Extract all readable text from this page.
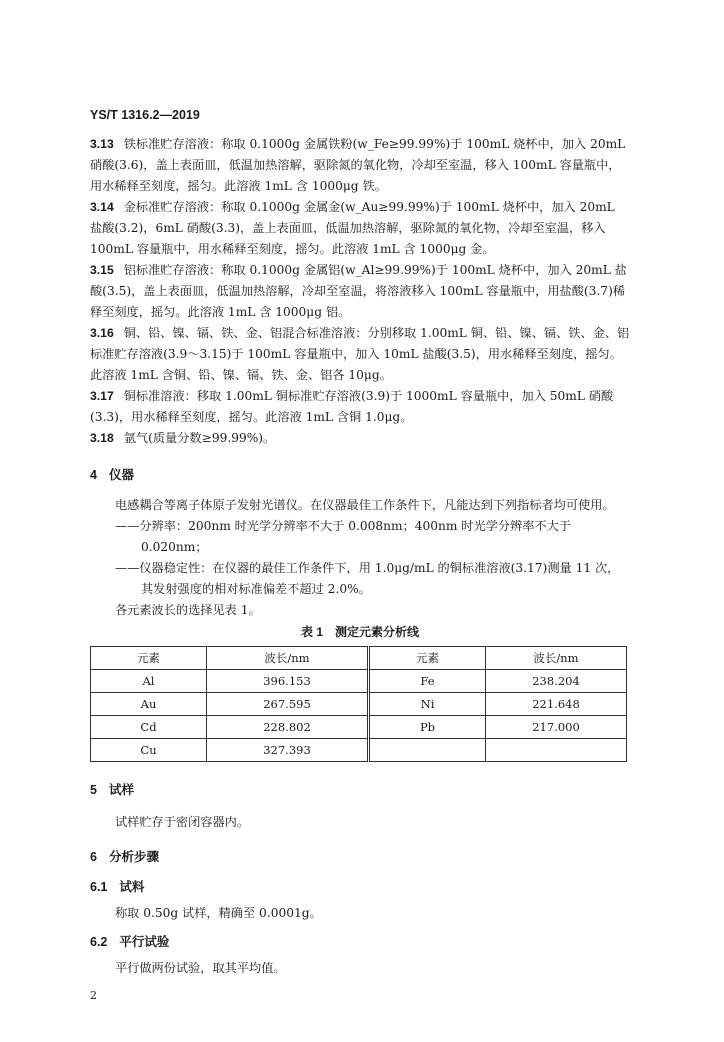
YS/T 1316.2—2019

3.13 铁标准贮存溶液：称取 0.1000g 金属铁粉(w_Fe≥99.99%)于 100mL 烧杯中，加入 20mL 硝酸(3.6)，盖上表面皿，低温加热溶解，驱除氮的氧化物，冷却至室温，移入 100mL 容量瓶中，用水稀释至刻度，摇匀。此溶液 1mL 含 1000μg 铁。

3.14 金标准贮存溶液：称取 0.1000g 金属金(w_Au≥99.99%)于 100mL 烧杯中，加入 20mL 盐酸(3.2)，6mL 硝酸(3.3)，盖上表面皿，低温加热溶解，驱除氮的氧化物，冷却至室温，移入 100mL 容量瓶中，用水稀释至刻度，摇匀。此溶液 1mL 含 1000μg 金。

3.15 铝标准贮存溶液：称取 0.1000g 金属铝(w_Al≥99.99%)于 100mL 烧杯中，加入 20mL 盐酸(3.5)，盖上表面皿，低温加热溶解，冷却至室温，将溶液移入 100mL 容量瓶中，用盐酸(3.7)稀释至刻度，摇匀。此溶液 1mL 含 1000μg 铝。

3.16 铜、铅、镍、镉、铁、金、铝混合标准溶液：分别移取 1.00mL 铜、铅、镍、镉、铁、金、铝标准贮存溶液(3.9～3.15)于 100mL 容量瓶中，加入 10mL 盐酸(3.5)，用水稀释至刻度，摇匀。此溶液 1mL 含铜、铅、镍、镉、铁、金、铝各 10μg。

3.17 铜标准溶液：移取 1.00mL 铜标准贮存溶液(3.9)于 1000mL 容量瓶中，加入 50mL 硝酸(3.3)，用水稀释至刻度，摇匀。此溶液 1mL 含铜 1.0μg。

3.18 氩气(质量分数≥99.99%)。

4 仪器
电感耦合等离子体原子发射光谱仪。在仪器最佳工作条件下，凡能达到下列指标者均可使用。
——分辨率：200nm 时光学分辨率不大于 0.008nm；400nm 时光学分辨率不大于 0.020nm；
——仪器稳定性：在仪器的最佳工作条件下，用 1.0μg/mL 的铜标准溶液(3.17)测量 11 次，其发射强度的相对标准偏差不超过 2.0%。
各元素波长的选择见表 1。
表 1　测定元素分析线
元素	波长/nm	元素	波长/nm
Al	396.153	Fe	238.204
Au	267.595	Ni	221.648
Cd	228.802	Pb	217.000
Cu	327.393		
5 试样
试样贮存于密闭容器内。
6 分析步骤
6.1 试料
称取 0.50g 试样，精确至 0.0001g。
6.2 平行试验
平行做两份试验，取其平均值。
2
